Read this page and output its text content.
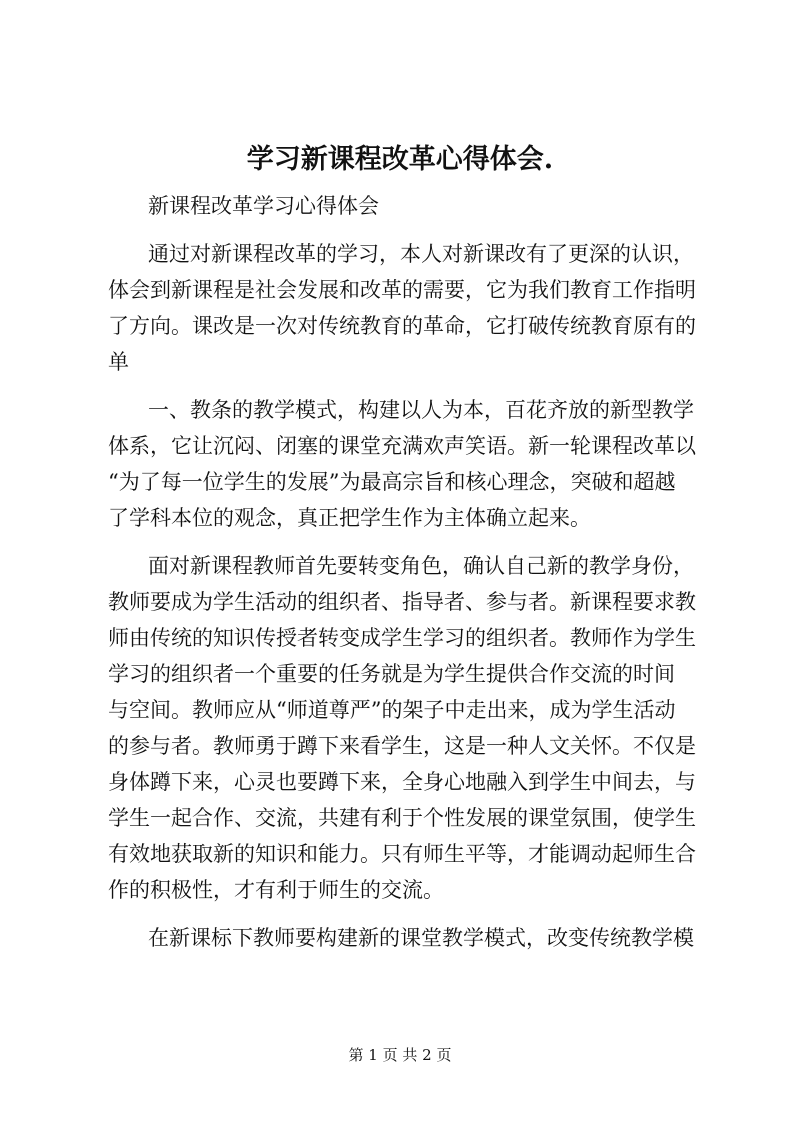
学习新课程改革心得体会.

新课程改革学习心得体会

通过对新课程改革的学习，本人对新课改有了更深的认识，

体会到新课程是社会发展和改革的需要，它为我们教育工作指明

了方向。课改是一次对传统教育的革命，它打破传统教育原有的

单

一、教条的教学模式，构建以人为本，百花齐放的新型教学

体系，它让沉闷、闭塞的课堂充满欢声笑语。新一轮课程改革以

“为了每一位学生的发展”为最高宗旨和核心理念，突破和超越

了学科本位的观念，真正把学生作为主体确立起来。

面对新课程教师首先要转变角色，确认自己新的教学身份，

教师要成为学生活动的组织者、指导者、参与者。新课程要求教

师由传统的知识传授者转变成学生学习的组织者。教师作为学生

学习的组织者一个重要的任务就是为学生提供合作交流的时间

与空间。教师应从“师道尊严”的架子中走出来，成为学生活动

的参与者。教师勇于蹲下来看学生，这是一种人文关怀。不仅是

身体蹲下来，心灵也要蹲下来，全身心地融入到学生中间去，与

学生一起合作、交流，共建有利于个性发展的课堂氛围，使学生

有效地获取新的知识和能力。只有师生平等，才能调动起师生合

作的积极性，才有利于师生的交流。

在新课标下教师要构建新的课堂教学模式，改变传统教学模

第 1 页 共 2 页
